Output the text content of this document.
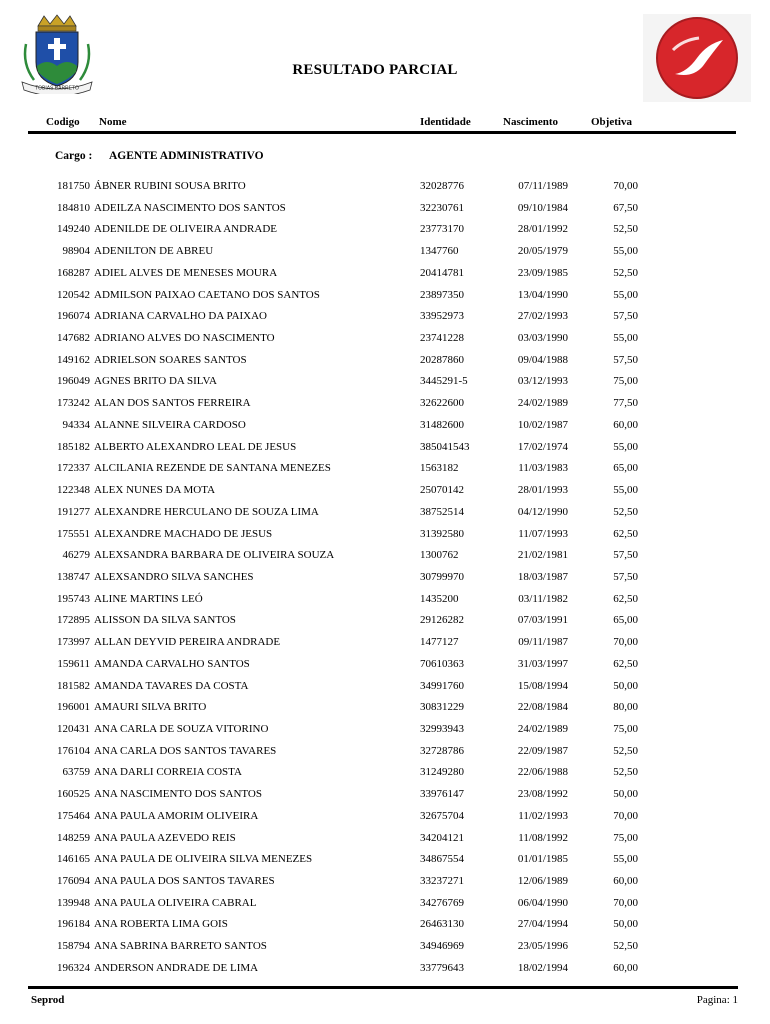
TOBIAS BARRETO
RESULTADO PARCIAL
Codigo Nome	Identidade	Nascimento	Objetiva
Cargo : AGENTE ADMINISTRATIVO
181750 ÁBNER RUBINI SOUSA BRITO	32028776	07/11/1989	70,00
184810 ADEILZA NASCIMENTO DOS SANTOS	32230761	09/10/1984	67,50
149240 ADENILDE DE OLIVEIRA ANDRADE	23773170	28/01/1992	52,50
98904 ADENILTON DE ABREU	1347760	20/05/1979	55,00
168287 ADIEL ALVES DE MENESES MOURA	20414781	23/09/1985	52,50
120542 ADMILSON PAIXAO CAETANO DOS SANTOS	23897350	13/04/1990	55,00
196074 ADRIANA CARVALHO DA PAIXAO	33952973	27/02/1993	57,50
147682 ADRIANO ALVES DO NASCIMENTO	23741228	03/03/1990	55,00
149162 ADRIELSON SOARES SANTOS	20287860	09/04/1988	57,50
196049 AGNES BRITO DA SILVA	3445291-5	03/12/1993	75,00
173242 ALAN DOS SANTOS FERREIRA	32622600	24/02/1989	77,50
94334 ALANNE SILVEIRA CARDOSO	31482600	10/02/1987	60,00
185182 ALBERTO ALEXANDRO LEAL DE JESUS	385041543	17/02/1974	55,00
172337 ALCILANIA REZENDE DE SANTANA MENEZES	1563182	11/03/1983	65,00
122348 ALEX NUNES DA MOTA	25070142	28/01/1993	55,00
191277 ALEXANDRE HERCULANO DE SOUZA LIMA	38752514	04/12/1990	52,50
175551 ALEXANDRE MACHADO DE JESUS	31392580	11/07/1993	62,50
46279 ALEXSANDRA BARBARA DE OLIVEIRA SOUZA	1300762	21/02/1981	57,50
138747 ALEXSANDRO SILVA SANCHES	30799970	18/03/1987	57,50
195743 ALINE MARTINS LEÓ	1435200	03/11/1982	62,50
172895 ALISSON DA SILVA SANTOS	29126282	07/03/1991	65,00
173997 ALLAN DEYVID PEREIRA ANDRADE	1477127	09/11/1987	70,00
159611 AMANDA CARVALHO SANTOS	70610363	31/03/1997	62,50
181582 AMANDA TAVARES DA COSTA	34991760	15/08/1994	50,00
196001 AMAURI SILVA BRITO	30831229	22/08/1984	80,00
120431 ANA CARLA DE SOUZA VITORINO	32993943	24/02/1989	75,00
176104 ANA CARLA DOS SANTOS TAVARES	32728786	22/09/1987	52,50
63759 ANA DARLI CORREIA COSTA	31249280	22/06/1988	52,50
160525 ANA NASCIMENTO DOS SANTOS	33976147	23/08/1992	50,00
175464 ANA PAULA AMORIM OLIVEIRA	32675704	11/02/1993	70,00
148259 ANA PAULA AZEVEDO REIS	34204121	11/08/1992	75,00
146165 ANA PAULA DE OLIVEIRA SILVA MENEZES	34867554	01/01/1985	55,00
176094 ANA PAULA DOS SANTOS TAVARES	33237271	12/06/1989	60,00
139948 ANA PAULA OLIVEIRA CABRAL	34276769	06/04/1990	70,00
196184 ANA ROBERTA LIMA GOIS	26463130	27/04/1994	50,00
158794 ANA SABRINA BARRETO SANTOS	34946969	23/05/1996	52,50
196324 ANDERSON ANDRADE DE LIMA	33779643	18/02/1994	60,00
Seprod	Pagina: 1
